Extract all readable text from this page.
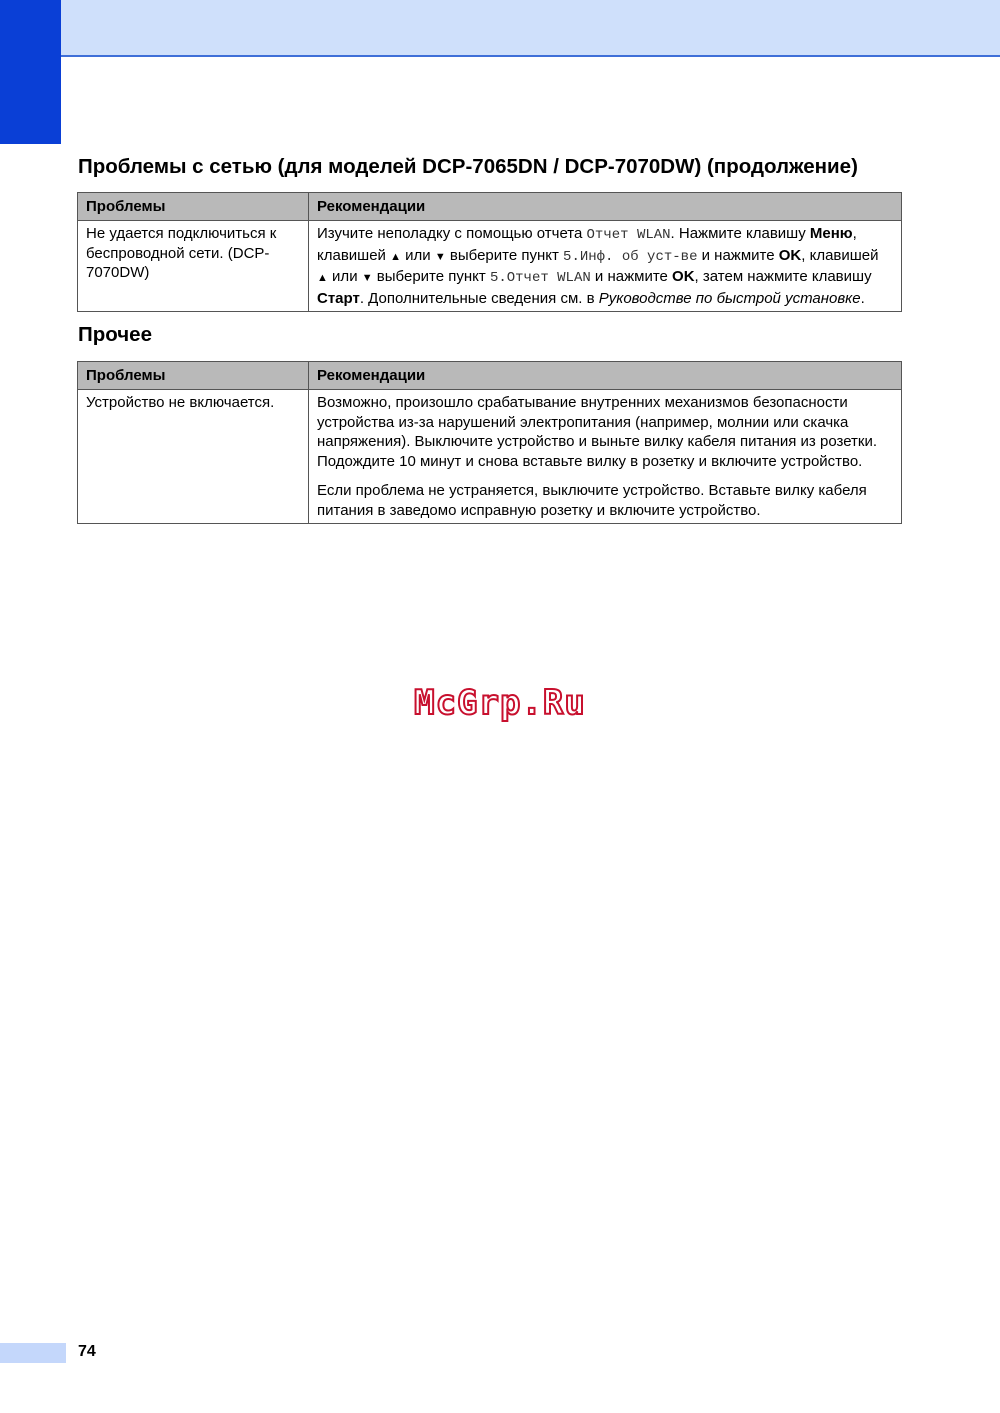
Проблемы с сетью (для моделей DCP-7065DN / DCP-7070DW) (продолжение)
Проблемы	Рекомендации
Не удается подключиться к беспроводной сети. (DCP-7070DW)	Изучите неполадку с помощью отчета Отчет WLAN. Нажмите клавишу Меню, клавишей ▲ или ▼ выберите пункт 5.Инф. об уст-ве и нажмите OK, клавишей ▲ или ▼ выберите пункт 5.Отчет WLAN и нажмите OK, затем нажмите клавишу Старт. Дополнительные сведения см. в Руководстве по быстрой установке.
Прочее
Проблемы	Рекомендации
Устройство не включается.	Возможно, произошло срабатывание внутренних механизмов безопасности устройства из-за нарушений электропитания (например, молнии или скачка напряжения). Выключите устройство и выньте вилку кабеля питания из розетки. Подождите 10 минут и снова вставьте вилку в розетку и включите устройство.
Если проблема не устраняется, выключите устройство. Вставьте вилку кабеля питания в заведомо исправную розетку и включите устройство.
McGrp.Ru
74
